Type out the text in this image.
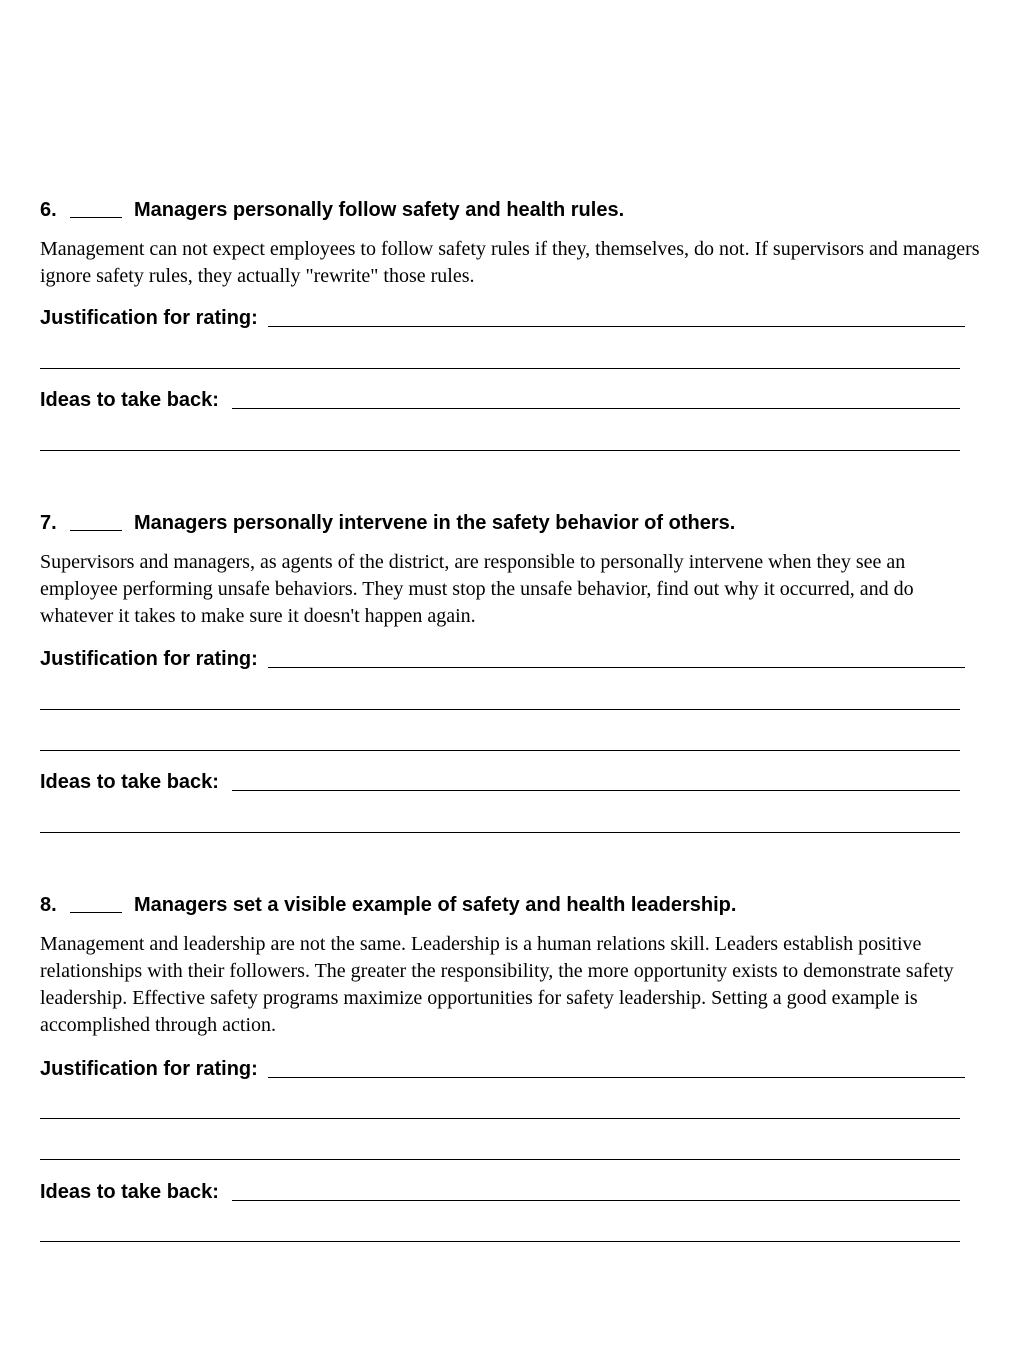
6.	Managers personally follow safety and health rules.
Management can not expect employees to follow safety rules if they, themselves, do not. If supervisors and managers ignore safety rules, they actually "rewrite" those rules.
Justification for rating:
Ideas to take back:
7.	Managers personally intervene in the safety behavior of others.
Supervisors and managers, as agents of the district, are responsible to personally intervene when they see an employee performing unsafe behaviors. They must stop the unsafe behavior, find out why it occurred, and do whatever it takes to make sure it doesn't happen again.
Justification for rating:
Ideas to take back:
8.	Managers set a visible example of safety and health leadership.
Management and leadership are not the same. Leadership is a human relations skill. Leaders establish positive relationships with their followers. The greater the responsibility, the more opportunity exists to demonstrate safety leadership. Effective safety programs maximize opportunities for safety leadership. Setting a good example is accomplished through action.
Justification for rating:
Ideas to take back:
